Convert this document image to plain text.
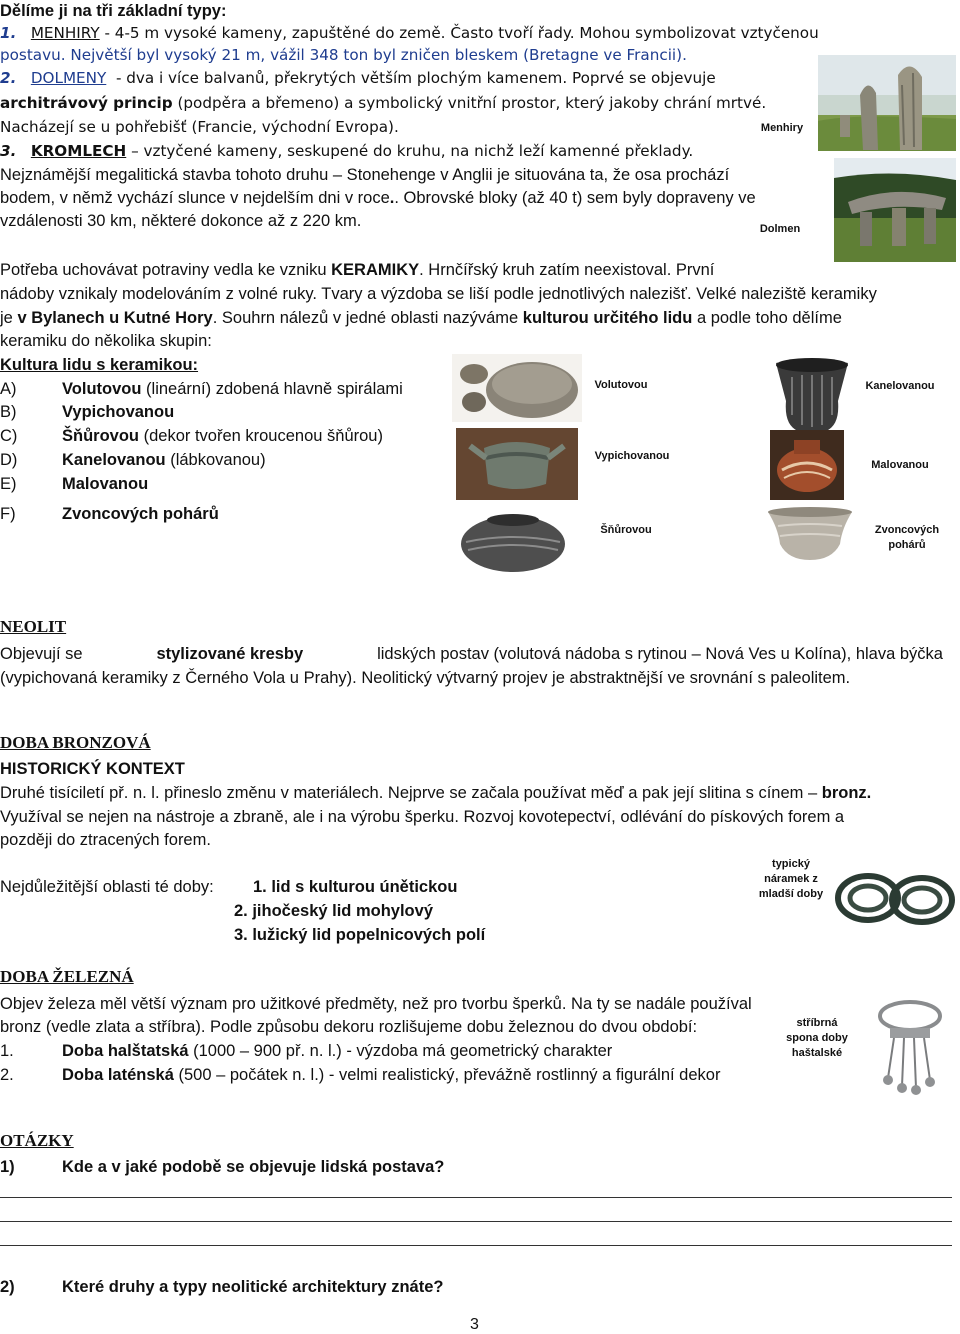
Dělíme ji na tři základní typy:
1. MENHIRY - 4-5 m vysoké kameny, zapuštěné do země. Často tvoří řady. Mohou symbolizovat vztyčenou
postavu. Největší byl vysoký 21 m, vážil 348 ton byl zničen bleskem (Bretagne ve Francii).
2. DOLMENY - dva i více balvanů, překrytých větším plochým kamenem. Poprvé se objevuje
architrávový princip (podpěra a břemeno) a symbolický vnitřní prostor, který jakoby chrání mrtvé.
Nacházejí se u pohřebišť (Francie, východní Evropa).
3. KROMLECH – vztyčené kameny, seskupené do kruhu, na nichž leží kamenné překlady.
Nejznámější megalitická stavba tohoto druhu – Stonehenge v Anglii je situována ta, že osa prochází
bodem, v němž vychází slunce v nejdelším dni v roce.. Obrovské bloky (až 40 t) sem byly dopraveny ve
vzdálenosti 30 km, některé dokonce až z 220 km.
Menhiry
Dolmen
Potřeba uchovávat potraviny vedla ke vzniku KERAMIKY. Hrnčířský kruh zatím neexistoval. První
nádoby vznikaly modelováním z volné ruky. Tvary a výzdoba se liší podle jednotlivých nalezišť. Velké naleziště keramiky
je v Bylanech u Kutné Hory. Souhrn nálezů v jedné oblasti nazýváme kulturou určitého lidu a podle toho dělíme
keramiku do několika skupin:
Kultura lidu s keramikou:
A)	Volutovou (lineární) zdobená hlavně spirálami
B)	Vypichovanou
C)	Šňůrovou (dekor tvořen kroucenou šňůrou)
D)	Kanelovanou (lábkovanou)
E)	Malovanou
F)	Zvoncových pohárů
Volutovou	Kanelovanou
Vypichovanou
Malovanou
Šňůrovou	Zvoncových pohárů
NEOLIT
Objevují se	stylizované kresby	lidských postav (volutová nádoba s rytinou – Nová Ves u Kolína), hlava býčka
(vypichovaná keramiky z Černého Vola u Prahy). Neolitický výtvarný projev je abstraktnější ve srovnání s paleolitem.
DOBA BRONZOVÁ
HISTORICKÝ KONTEXT
Druhé tisíciletí př. n. l. přineslo změnu v materiálech. Nejprve se začala používat měď a pak její slitina s cínem – bronz.
Využíval se nejen na nástroje a zbraně, ale i na výrobu šperku. Rozvoj kovotepectví, odlévání do pískových forem a
později do ztracených forem.
Nejdůležitější oblasti té doby: 1. lid s kulturou únětickou
2. jihočeský lid mohylový
3. lužický lid popelnicových polí
typický náramek z mladší doby
DOBA ŽELEZNÁ
Objev železa měl větší význam pro užitkové předměty, než pro tvorbu šperků. Na ty se nadále používal
bronz (vedle zlata a stříbra). Podle způsobu dekoru rozlišujeme dobu železnou do dvou období:
1.	Doba halštatská (1000 – 900 př. n. l.) - výzdoba má geometrický charakter
2.	Doba laténská (500 – počátek n. l.) - velmi realistický, převážně rostlinný a figurální dekor
stříbrná spona doby haštalské
OTÁZKY
1)	Kde a v jaké podobě se objevuje lidská postava?
2)	Které druhy a typy neolitické architektury znáte?
3
